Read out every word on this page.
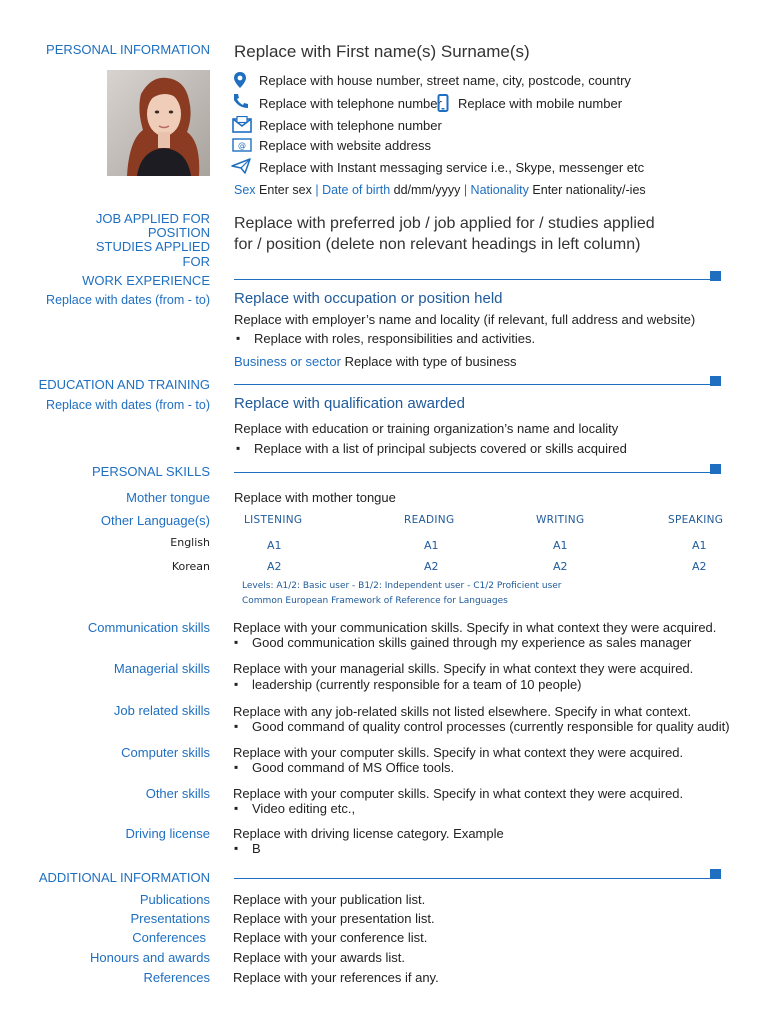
PERSONAL INFORMATION Replace with First name(s) Surname(s)
Replace with house number, street name, city, postcode, country
Replace with telephone number Replace with mobile number
Replace with telephone number
@ Replace with website address
Replace with Instant messaging service i.e., Skype, messenger etc
Sex Enter sex | Date of birth dd/mm/yyyy | Nationality Enter nationality/-ies
JOB APPLIED FOR
POSITION
STUDIES APPLIED
FOR
Replace with preferred job / job applied for / studies applied
for / position (delete non relevant headings in left column)
WORK EXPERIENCE
Replace with dates (from - to) Replace with occupation or position held
Replace with employer’s name and locality (if relevant, full address and website)
▪ Replace with roles, responsibilities and activities.
Business or sector Replace with type of business
EDUCATION AND TRAINING
Replace with dates (from - to) Replace with qualification awarded
Replace with education or training organization’s name and locality
▪ Replace with a list of principal subjects covered or skills acquired
PERSONAL SKILLS
Mother tongue Replace with mother tongue
Other Language(s)	LISTENING	READING	WRITING	SPEAKING
English	A1	A1	A1	A1
Korean	A2	A2	A2	A2
Levels: A1/2: Basic user - B1/2: Independent user - C1/2 Proficient user
Common European Framework of Reference for Languages
Communication skills Replace with your communication skills. Specify in what context they were acquired.
▪ Good communication skills gained through my experience as sales manager
Managerial skills Replace with your managerial skills. Specify in what context they were acquired.
▪ leadership (currently responsible for a team of 10 people)
Job related skills Replace with any job-related skills not listed elsewhere. Specify in what context.
▪ Good command of quality control processes (currently responsible for quality audit)
Computer skills Replace with your computer skills. Specify in what context they were acquired.
▪ Good command of MS Office tools.
Other skills Replace with your computer skills. Specify in what context they were acquired.
▪ Video editing etc.,
Driving license Replace with driving license category. Example
▪ B
ADDITIONAL INFORMATION
Publications Replace with your publication list.
Presentations Replace with your presentation list.
Conferences Replace with your conference list.
Honours and awards Replace with your awards list.
References Replace with your references if any.
